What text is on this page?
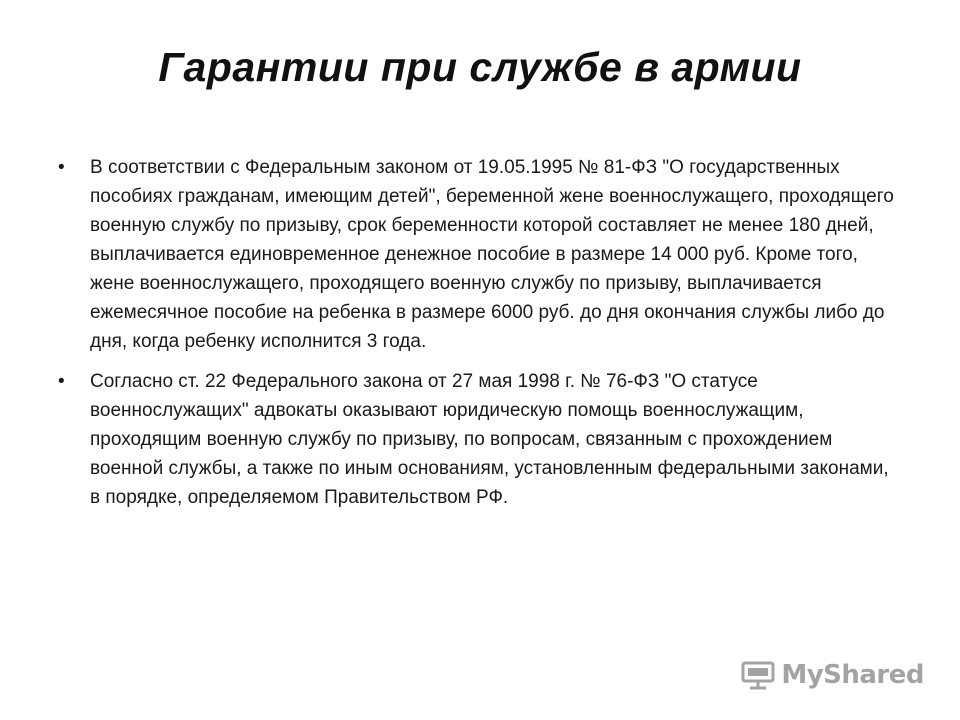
Гарантии при службе в армии
• В соответствии с Федеральным законом от 19.05.1995 № 81-ФЗ "О государственных пособиях гражданам, имеющим детей", беременной жене военнослужащего, проходящего военную службу по призыву, срок беременности которой составляет не менее 180 дней, выплачивается единовременное денежное пособие в размере 14 000 руб. Кроме того, жене военнослужащего, проходящего военную службу по призыву, выплачивается ежемесячное пособие на ребенка в размере 6000 руб. до дня окончания службы либо до дня, когда ребенку исполнится 3 года.
• Согласно ст. 22 Федерального закона от 27 мая 1998 г. № 76-ФЗ "О статусе военнослужащих" адвокаты оказывают юридическую помощь военнослужащим, проходящим военную службу по призыву, по вопросам, связанным с прохождением военной службы, а также по иным основаниям, установленным федеральными законами, в порядке, определяемом Правительством РФ.
MyShared
